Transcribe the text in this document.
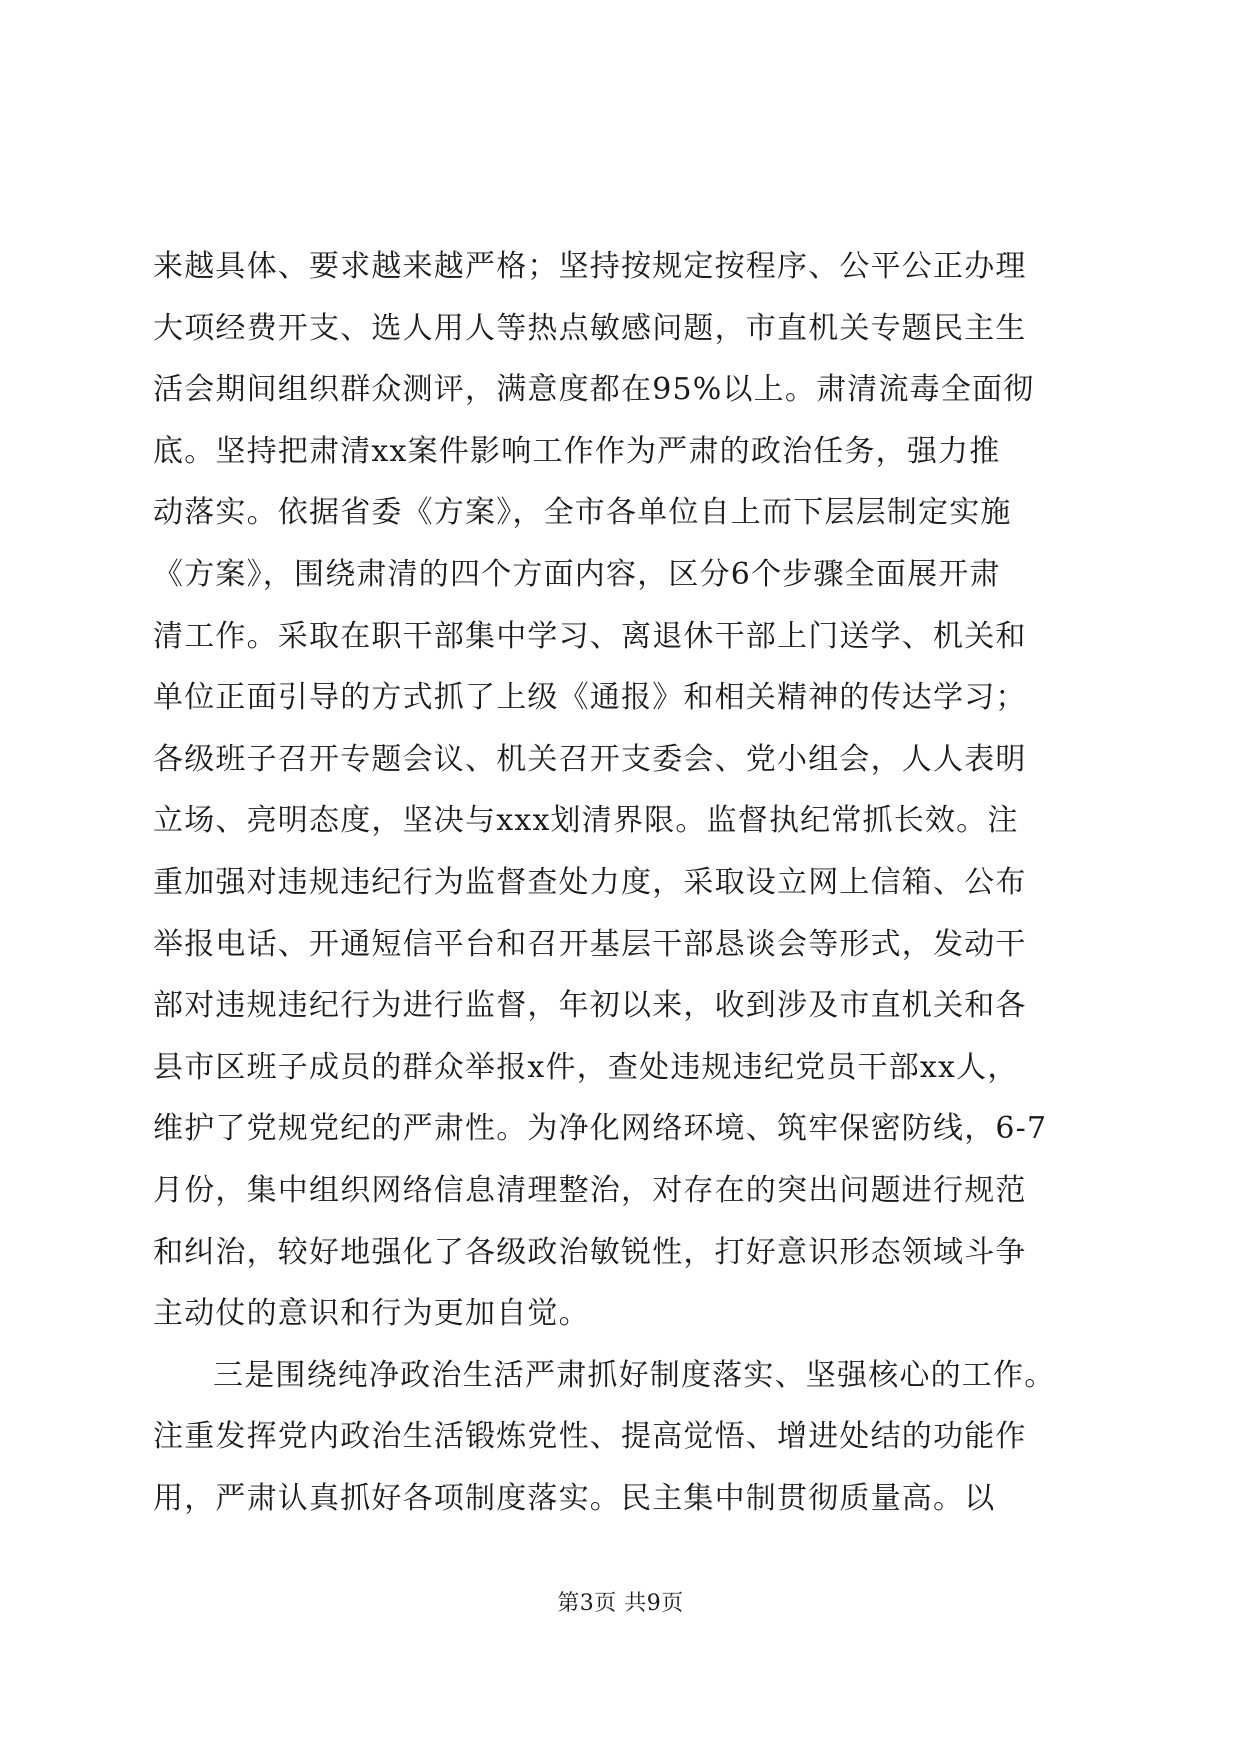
来越具体、要求越来越严格；坚持按规定按程序、公平公正办理
大项经费开支、选人用人等热点敏感问题，市直机关专题民主生
活会期间组织群众测评，满意度都在95%以上。肃清流毒全面彻
底。坚持把肃清xx案件影响工作作为严肃的政治任务，强力推
动落实。依据省委《方案》，全市各单位自上而下层层制定实施
《方案》，围绕肃清的四个方面内容，区分6个步骤全面展开肃
清工作。采取在职干部集中学习、离退休干部上门送学、机关和
单位正面引导的方式抓了上级《通报》和相关精神的传达学习；
各级班子召开专题会议、机关召开支委会、党小组会，人人表明
立场、亮明态度，坚决与xxx划清界限。监督执纪常抓长效。注
重加强对违规违纪行为监督查处力度，采取设立网上信箱、公布
举报电话、开通短信平台和召开基层干部恳谈会等形式，发动干
部对违规违纪行为进行监督，年初以来，收到涉及市直机关和各
县市区班子成员的群众举报x件，查处违规违纪党员干部xx人，
维护了党规党纪的严肃性。为净化网络环境、筑牢保密防线，6-7
月份，集中组织网络信息清理整治，对存在的突出问题进行规范
和纠治，较好地强化了各级政治敏锐性，打好意识形态领域斗争
主动仗的意识和行为更加自觉。
三是围绕纯净政治生活严肃抓好制度落实、坚强核心的工作。
注重发挥党内政治生活锻炼党性、提高觉悟、增进处结的功能作
用，严肃认真抓好各项制度落实。民主集中制贯彻质量高。以
第3页 共9页
